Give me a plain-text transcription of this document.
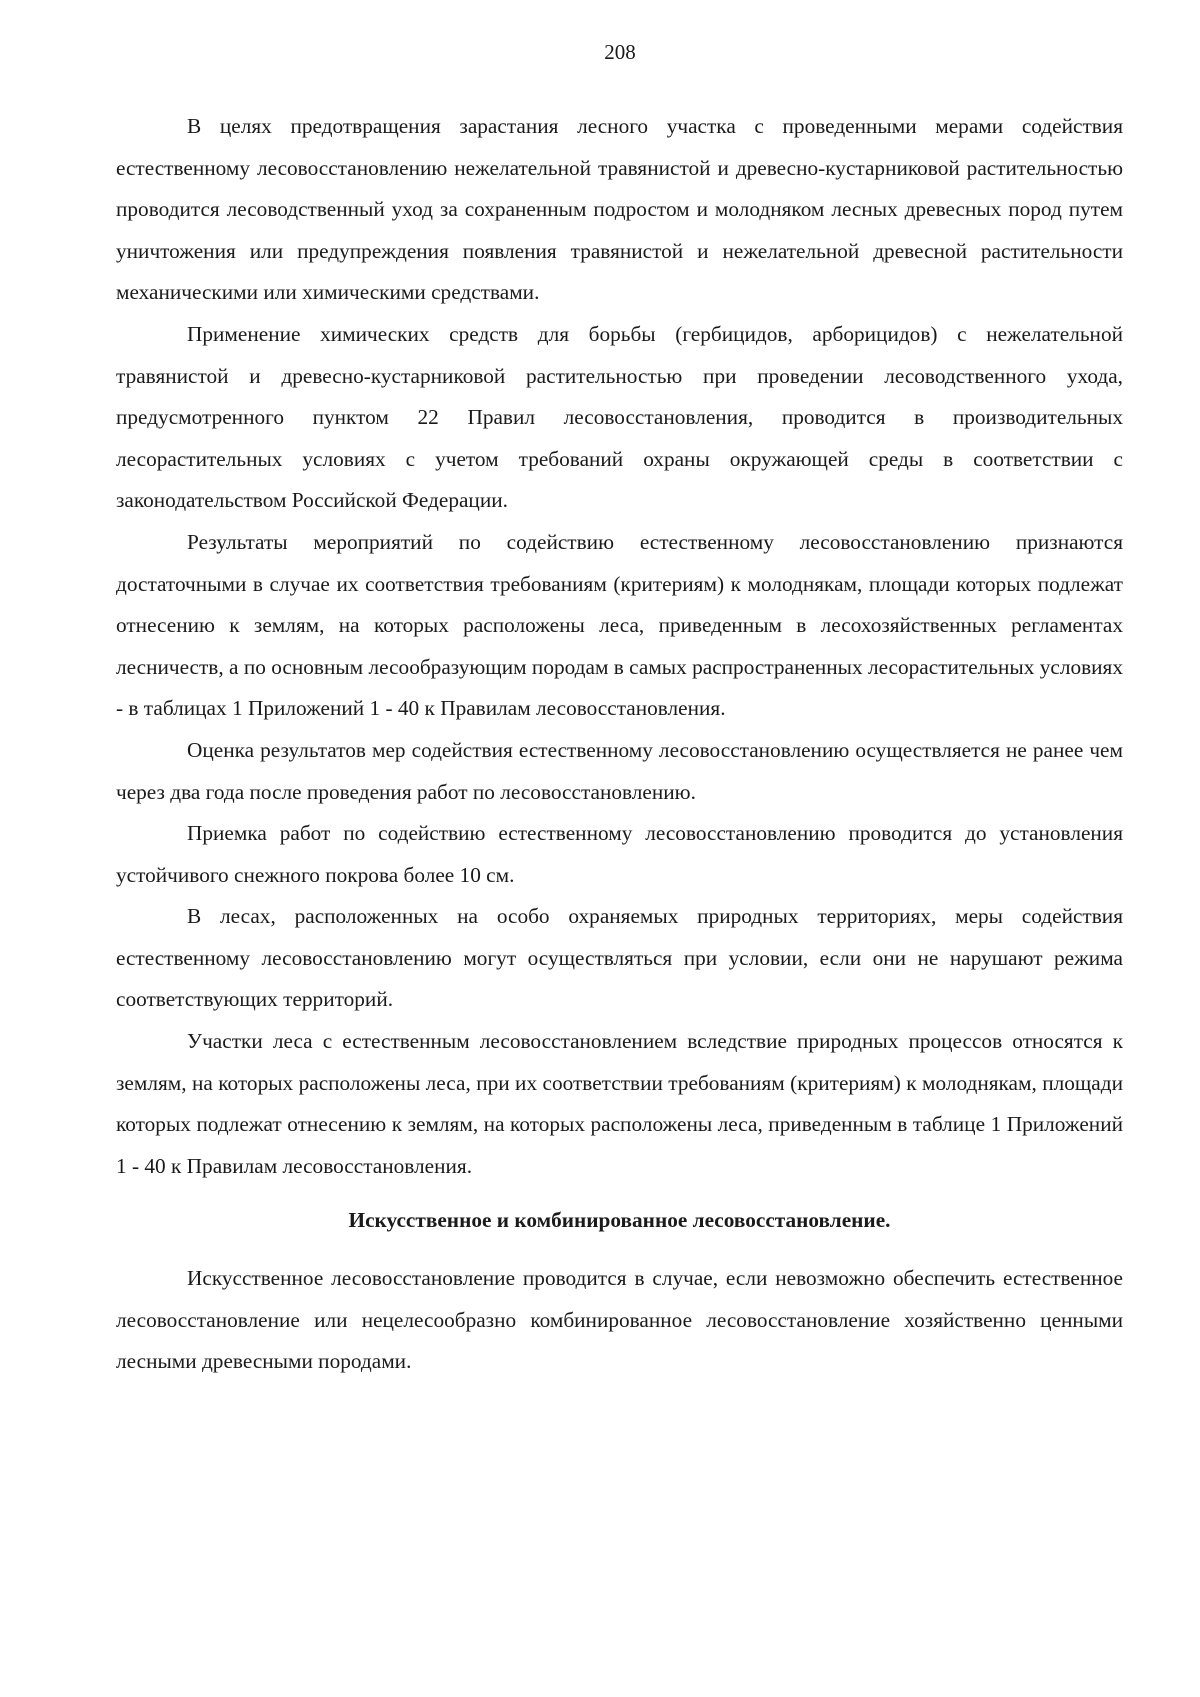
208

В целях предотвращения зарастания лесного участка с проведенными мерами содействия естественному лесовосстановлению нежелательной травянистой и древесно-кустарниковой растительностью проводится лесоводственный уход за сохраненным подростом и молодняком лесных древесных пород путем уничтожения или предупреждения появления травянистой и нежелательной древесной растительности механическими или химическими средствами.

Применение химических средств для борьбы (гербицидов, арборицидов) с нежелательной травянистой и древесно-кустарниковой растительностью при проведении лесоводственного ухода, предусмотренного пунктом 22 Правил лесовосстановления, проводится в производительных лесорастительных условиях с учетом требований охраны окружающей среды в соответствии с законодательством Российской Федерации.

Результаты мероприятий по содействию естественному лесовосстановлению признаются достаточными в случае их соответствия требованиям (критериям) к молоднякам, площади которых подлежат отнесению к землям, на которых расположены леса, приведенным в лесохозяйственных регламентах лесничеств, а по основным лесообразующим породам в самых распространенных лесорастительных условиях - в таблицах 1 Приложений 1 - 40 к Правилам лесовосстановления.

Оценка результатов мер содействия естественному лесовосстановлению осуществляется не ранее чем через два года после проведения работ по лесовосстановлению.

Приемка работ по содействию естественному лесовосстановлению проводится до установления устойчивого снежного покрова более 10 см.

В лесах, расположенных на особо охраняемых природных территориях, меры содействия естественному лесовосстановлению могут осуществляться при условии, если они не нарушают режима соответствующих территорий.

Участки леса с естественным лесовосстановлением вследствие природных процессов относятся к землям, на которых расположены леса, при их соответствии требованиям (критериям) к молоднякам, площади которых подлежат отнесению к землям, на которых расположены леса, приведенным в таблице 1 Приложений 1 - 40 к Правилам лесовосстановления.

Искусственное и комбинированное лесовосстановление.

Искусственное лесовосстановление проводится в случае, если невозможно обеспечить естественное лесовосстановление или нецелесообразно комбинированное лесовосстановление хозяйственно ценными лесными древесными породами.
